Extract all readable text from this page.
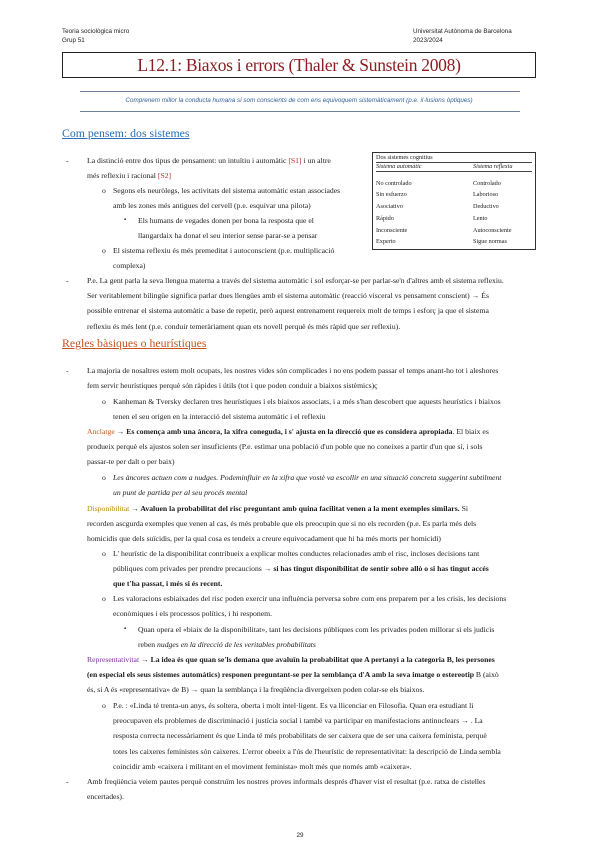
Teoria sociològica micro
Grup 51
Universitat Autònoma de Barcelona
2023/2024
L12.1: Biaxos i errors (Thaler & Sunstein 2008)
Comprenem millor la conducta humana si som conscients de com ens equivoquem sistemàticament (p.e. il·lusions òptiques)
Com pensem: dos sistemes
- La distinció entre dos tipus de pensament: un intuïtiu i automàtic [S1] i un altre
més reflexiu i racional [S2]
o Segons els neuròlegs, les activitats del sistema automàtic estan associades
amb les zones més antigues del cervell (p.e. esquivar una pilota)
▪ Els humans de vegades donen per bona la resposta que el
llangardaix ha donat el seu interior sense parar-se a pensar
o El sistema reflexiu és més premeditat i autoconscient (p.e. multiplicació
complexa)
Dos sistemes cognitius
Sistema automàtic	Sistema reflexiu
No controlado	Controlado
Sin esfuerzo	Laborioso
Asociativo	Deductivo
Rápido	Lento
Inconsciente	Autoconsciente
Experto	Sigue normas
- P.e. La gent parla la seva llengua materna a través del sistema automàtic i sol esforçar-se per parlar-se'n d'altres amb el sistema reflexiu.
Ser veritablement bilingüe significa parlar dues llengües amb el sistema automàtic (reacció visceral vs pensament conscient) → És
possible entrenar el sistema automàtic a base de repetir, però aquest entrenament requereix molt de temps i esforç ja que el sistema
reflexiu és més lent (p.e. conduir temeràriament quan ets novell perquè és més ràpid que ser reflexiu).
Regles bàsiques o heurístiques
- La majoria de nosaltres estem molt ocupats, les nostres vides són complicades i no ens podem passar el temps anant-ho tot i aleshores
fem servir heurístiques perquè són ràpides i útils (tot i que poden conduir a biaixos sistèmics)ç
o Kanheman & Tversky declaren tres heurístiques i els biaixos associats, i a més s'han descobert que aquests heurístics i biaixos
tenen el seu origen en la interacció del sistema automàtic i el reflexiu
Anclatge → Es comença amb una àncora, la xifra coneguda, i s' ajusta en la direcció que es considera apropiada. El biaix es
produeix perquè els ajustos solen ser insuficients (P.e. estimar una població d'un poble que no coneixes a partir d'un que sí, i sols
passar-te per dalt o per baix)
o Les àncores actuen com a nudges. Podeminfluir en la xifra que vostè va escollir en una situació concreta suggerint subtilment
un punt de partida per al seu procés mental
Disponibilitat → Avaluen la probabilitat del risc preguntant amb quina facilitat venen a la ment exemples similars. Si
recorden ascgurda exemples que venen al cas, és més probable que els preocupin que si no els recorden (p.e. Es parla més dels
homicidis que dels suïcidis, per la qual cosa es tendeix a creure equivocadament que hi ha més morts per homicidi)
o L' heurístic de la disponibilitat contribueix a explicar moltes conductes relacionades amb el risc, incloses decisions tant
públiques com privades per prendre precaucions → si has tingut disponibilitat de sentir sobre allò o si has tingut accés
que t'ha passat, i més si és recent.
o Les valoracions esbiaixades del risc poden exercir una influència perversa sobre com ens preparem per a les crisis, les decisions
econòmiques i els processos polítics, i hi responem.
▪ Quan opera el «biaix de la disponibilitat», tant les decisions públiques com les privades poden millorar si els judicis
reben nudges en la direcció de les veritables probabilitats
Representativitat → La idea és que quan se'ls demana que avaluïn la probabilitat que A pertanyi a la categoria B, les persones
(en especial els seus sistemes automàtics) responen preguntant-se per la semblança d'A amb la seva imatge o estereotip B (això
és, si A és «representativa» de B) → quan la semblança i la freqüència divergeixen poden colar-se els biaixos.
o P.e. : «Linda té trenta-un anys, és soltera, oberta i molt intel·ligent. Es va llicenciar en Filosofia. Quan era estudiant li
preocupaven els problemes de discriminació i justícia social i també va participar en manifestacions antinuclears → . La
resposta correcta necessàriament és que Linda té més probabilitats de ser caixera que de ser una caixera feminista, perquè
totes les caixeres feministes són caixeres. L'error obeeix a l'ús de l'heurístic de representativitat: la descripció de Linda sembla
coincidir amb «caixera i militant en el moviment feminista» molt més que només amb «caixera».
- Amb freqüència veiem pautes perquè construïm les nostres proves informals després d'haver vist el resultat (p.e. ratxa de cistelles
encertades).
29
